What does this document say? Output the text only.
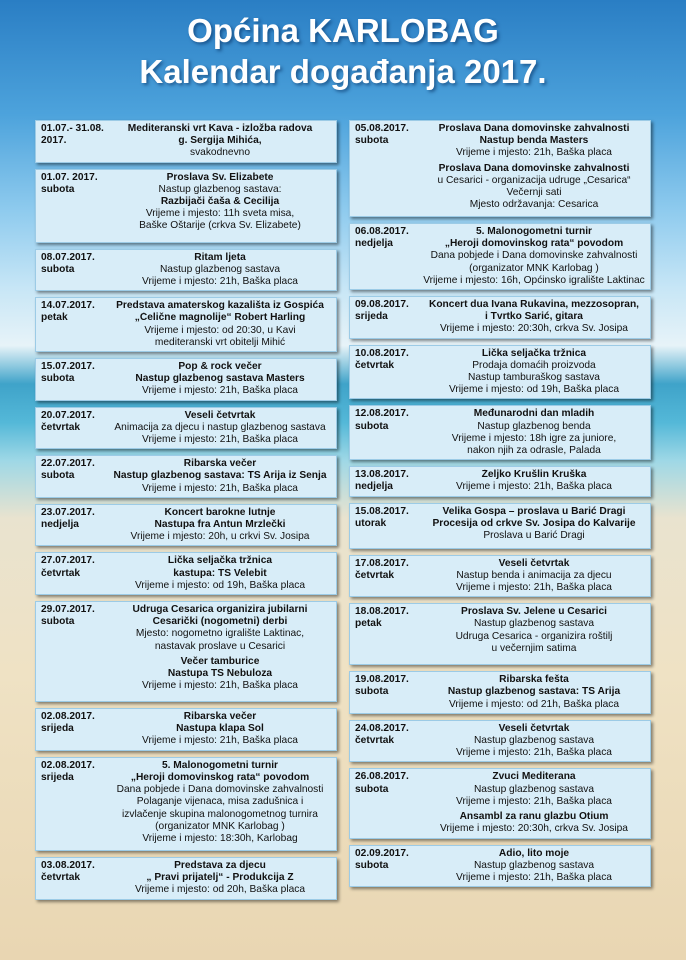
Općina KARLOBAG
Kalendar događanja 2017.
01.07.- 31.08.
2017.
Mediteranski vrt Kava - izložba radova
g. Sergija Mihića,
svakodnevno
01.07. 2017.
subota
Proslava Sv. Elizabete
Nastup glazbenog sastava:
Razbijači čaša & Cecilija
Vrijeme i mjesto: 11h sveta misa,
Baške Oštarije (crkva Sv. Elizabete)
08.07.2017.
subota
Ritam ljeta
Nastup glazbenog sastava
Vrijeme i mjesto: 21h, Baška placa
14.07.2017.
petak
Predstava amaterskog kazališta iz Gospića
„Čelične magnolije“ Robert Harling
Vrijeme i mjesto: od 20:30, u Kavi
mediteranski vrt obitelji Mihić
15.07.2017.
subota
Pop & rock večer
Nastup glazbenog sastava Masters
Vrijeme i mjesto: 21h, Baška placa
20.07.2017.
četvrtak
Veseli četvrtak
Animacija za djecu i nastup glazbenog sastava
Vrijeme i mjesto: 21h, Baška placa
22.07.2017.
subota
Ribarska večer
Nastup glazbenog sastava: TS Arija iz Senja
Vrijeme i mjesto: 21h, Baška placa
23.07.2017.
nedjelja
Koncert barokne lutnje
Nastupa fra Antun Mrzlečki
Vrijeme i mjesto: 20h, u crkvi Sv. Josipa
27.07.2017.
četvrtak
Lička seljačka tržnica
kastupa: TS Velebit
Vrijeme i mjesto: od 19h, Baška placa
29.07.2017.
subota
Udruga Cesarica organizira jubilarni
Cesarički (nogometni) derbi
Mjesto: nogometno igralište Laktinac,
nastavak proslave u Cesarici
Večer tamburice
Nastupa TS Nebuloza
Vrijeme i mjesto: 21h, Baška placa
02.08.2017.
srijeda
Ribarska večer
Nastupa klapa Sol
Vrijeme i mjesto: 21h, Baška placa
02.08.2017.
srijeda
5. Malonogometni turnir
„Heroji domovinskog rata“ povodom
Dana pobjede i Dana domovinske zahvalnosti
Polaganje vijenaca, misa zadušnica i
izvlačenje skupina malonogometnog turnira
(organizator MNK Karlobag )
Vrijeme i mjesto: 18:30h, Karlobag
03.08.2017.
četvrtak
Predstava za djecu
„ Pravi prijatelj“ - Produkcija Z
Vrijeme i mjesto: od 20h, Baška placa
05.08.2017.
subota
Proslava Dana domovinske zahvalnosti
Nastup benda Masters
Vrijeme i mjesto: 21h, Baška placa
Proslava Dana domovinske zahvalnosti
u Cesarici - organizacija udruge „Cesarica“
Večernji sati
Mjesto održavanja: Cesarica
06.08.2017.
nedjelja
5. Malonogometni turnir
„Heroji domovinskog rata“ povodom
Dana pobjede i Dana domovinske zahvalnosti
(organizator MNK Karlobag )
Vrijeme i mjesto: 16h, Općinsko igralište Laktinac
09.08.2017.
srijeda
Koncert dua Ivana Rukavina, mezzosopran,
i Tvrtko Sarić, gitara
Vrijeme i mjesto: 20:30h, crkva Sv. Josipa
10.08.2017.
četvrtak
Lička seljačka tržnica
Prodaja domaćih proizvoda
Nastup tamburaškog sastava
Vrijeme i mjesto: od 19h, Baška placa
12.08.2017.
subota
Međunarodni dan mladih
Nastup glazbenog benda
Vrijeme i mjesto: 18h igre za juniore,
nakon njih za odrasle, Palada
13.08.2017.
nedjelja
Željko Krušlin Kruška
Vrijeme i mjesto: 21h, Baška placa
15.08.2017.
utorak
Velika Gospa – proslava u Barić Dragi
Procesija od crkve Sv. Josipa do Kalvarije
Proslava u Barić Dragi
17.08.2017.
četvrtak
Veseli četvrtak
Nastup benda i animacija za djecu
Vrijeme i mjesto: 21h, Baška placa
18.08.2017.
petak
Proslava Sv. Jelene u Cesarici
Nastup glazbenog sastava
Udruga Cesarica - organizira roštilj
u večernjim satima
19.08.2017.
subota
Ribarska fešta
Nastup glazbenog sastava: TS Arija
Vrijeme i mjesto: od 21h, Baška placa
24.08.2017.
četvrtak
Veseli četvrtak
Nastup glazbenog sastava
Vrijeme i mjesto: 21h, Baška placa
26.08.2017.
subota
Zvuci Mediterana
Nastup glazbenog sastava
Vrijeme i mjesto: 21h, Baška placa
Ansambl za ranu glazbu Otium
Vrijeme i mjesto: 20:30h, crkva Sv. Josipa
02.09.2017.
subota
Adio, lito moje
Nastup glazbenog sastava
Vrijeme i mjesto: 21h, Baška placa
